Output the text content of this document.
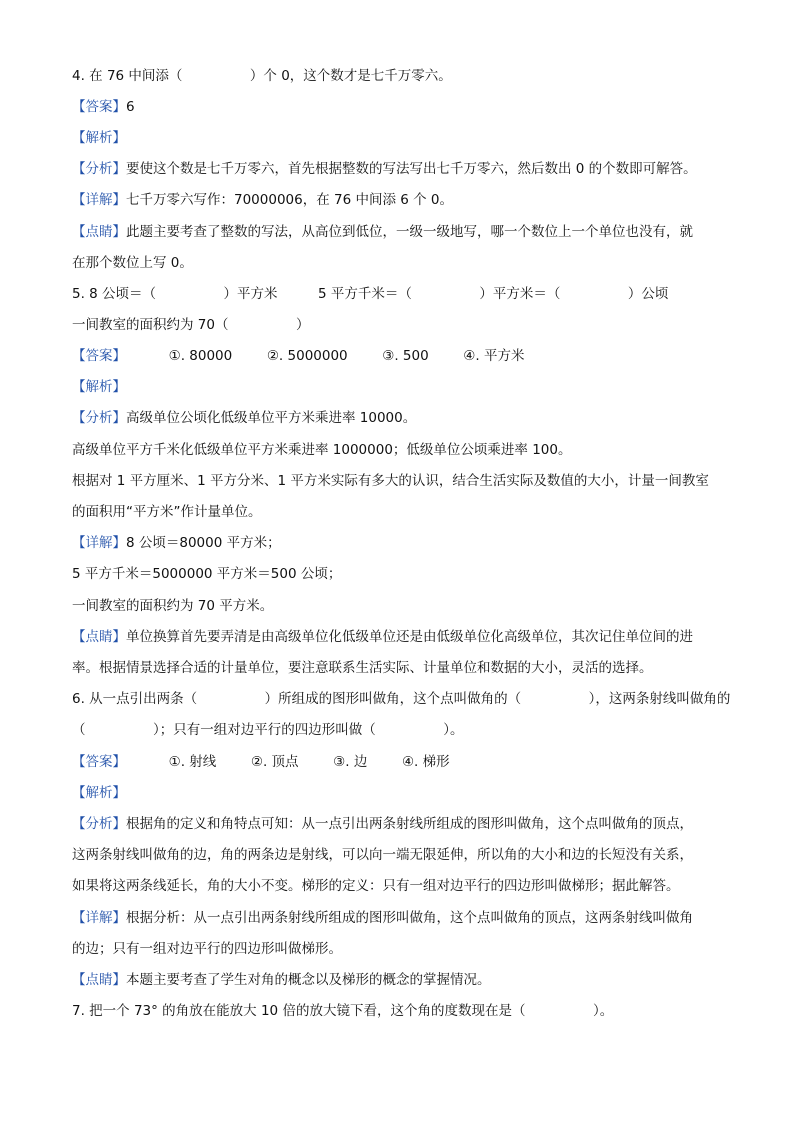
4. 在 76 中间添（　　　　　）个 0，这个数才是七千万零六。
【答案】6
【解析】
【分析】要使这个数是七千万零六，首先根据整数的写法写出七千万零六，然后数出 0 的个数即可解答。
【详解】七千万零六写作：70000006，在 76 中间添 6 个 0。
【点睛】此题主要考查了整数的写法，从高位到低位，一级一级地写，哪一个数位上一个单位也没有，就
在那个数位上写 0。
5. 8 公顷＝（　　　　　）平方米　　　5 平方千米＝（　　　　　）平方米＝（　　　　　）公顷
一间教室的面积约为 70（　　　　　）
【答案】	①. 80000	②. 5000000	③. 500	④. 平方米
【解析】
【分析】高级单位公顷化低级单位平方米乘进率 10000。
高级单位平方千米化低级单位平方米乘进率 1000000；低级单位公顷乘进率 100。
根据对 1 平方厘米、1 平方分米、1 平方米实际有多大的认识，结合生活实际及数值的大小，计量一间教室
的面积用“平方米”作计量单位。
【详解】8 公顷＝80000 平方米；
5 平方千米＝5000000 平方米＝500 公顷；
一间教室的面积约为 70 平方米。
【点睛】单位换算首先要弄清是由高级单位化低级单位还是由低级单位化高级单位，其次记住单位间的进
率。根据情景选择合适的计量单位，要注意联系生活实际、计量单位和数据的大小，灵活的选择。
6. 从一点引出两条（　　　　　）所组成的图形叫做角，这个点叫做角的（　　　　　），这两条射线叫做角的
（　　　　　）；只有一组对边平行的四边形叫做（　　　　　）。
【答案】	①. 射线	②. 顶点	③. 边	④. 梯形
【解析】
【分析】根据角的定义和角特点可知：从一点引出两条射线所组成的图形叫做角，这个点叫做角的顶点，
这两条射线叫做角的边，角的两条边是射线，可以向一端无限延伸，所以角的大小和边的长短没有关系，
如果将这两条线延长，角的大小不变。梯形的定义：只有一组对边平行的四边形叫做梯形；据此解答。
【详解】根据分析：从一点引出两条射线所组成的图形叫做角，这个点叫做角的顶点，这两条射线叫做角
的边；只有一组对边平行的四边形叫做梯形。
【点睛】本题主要考查了学生对角的概念以及梯形的概念的掌握情况。
7. 把一个 73° 的角放在能放大 10 倍的放大镜下看，这个角的度数现在是（　　　　　）。
